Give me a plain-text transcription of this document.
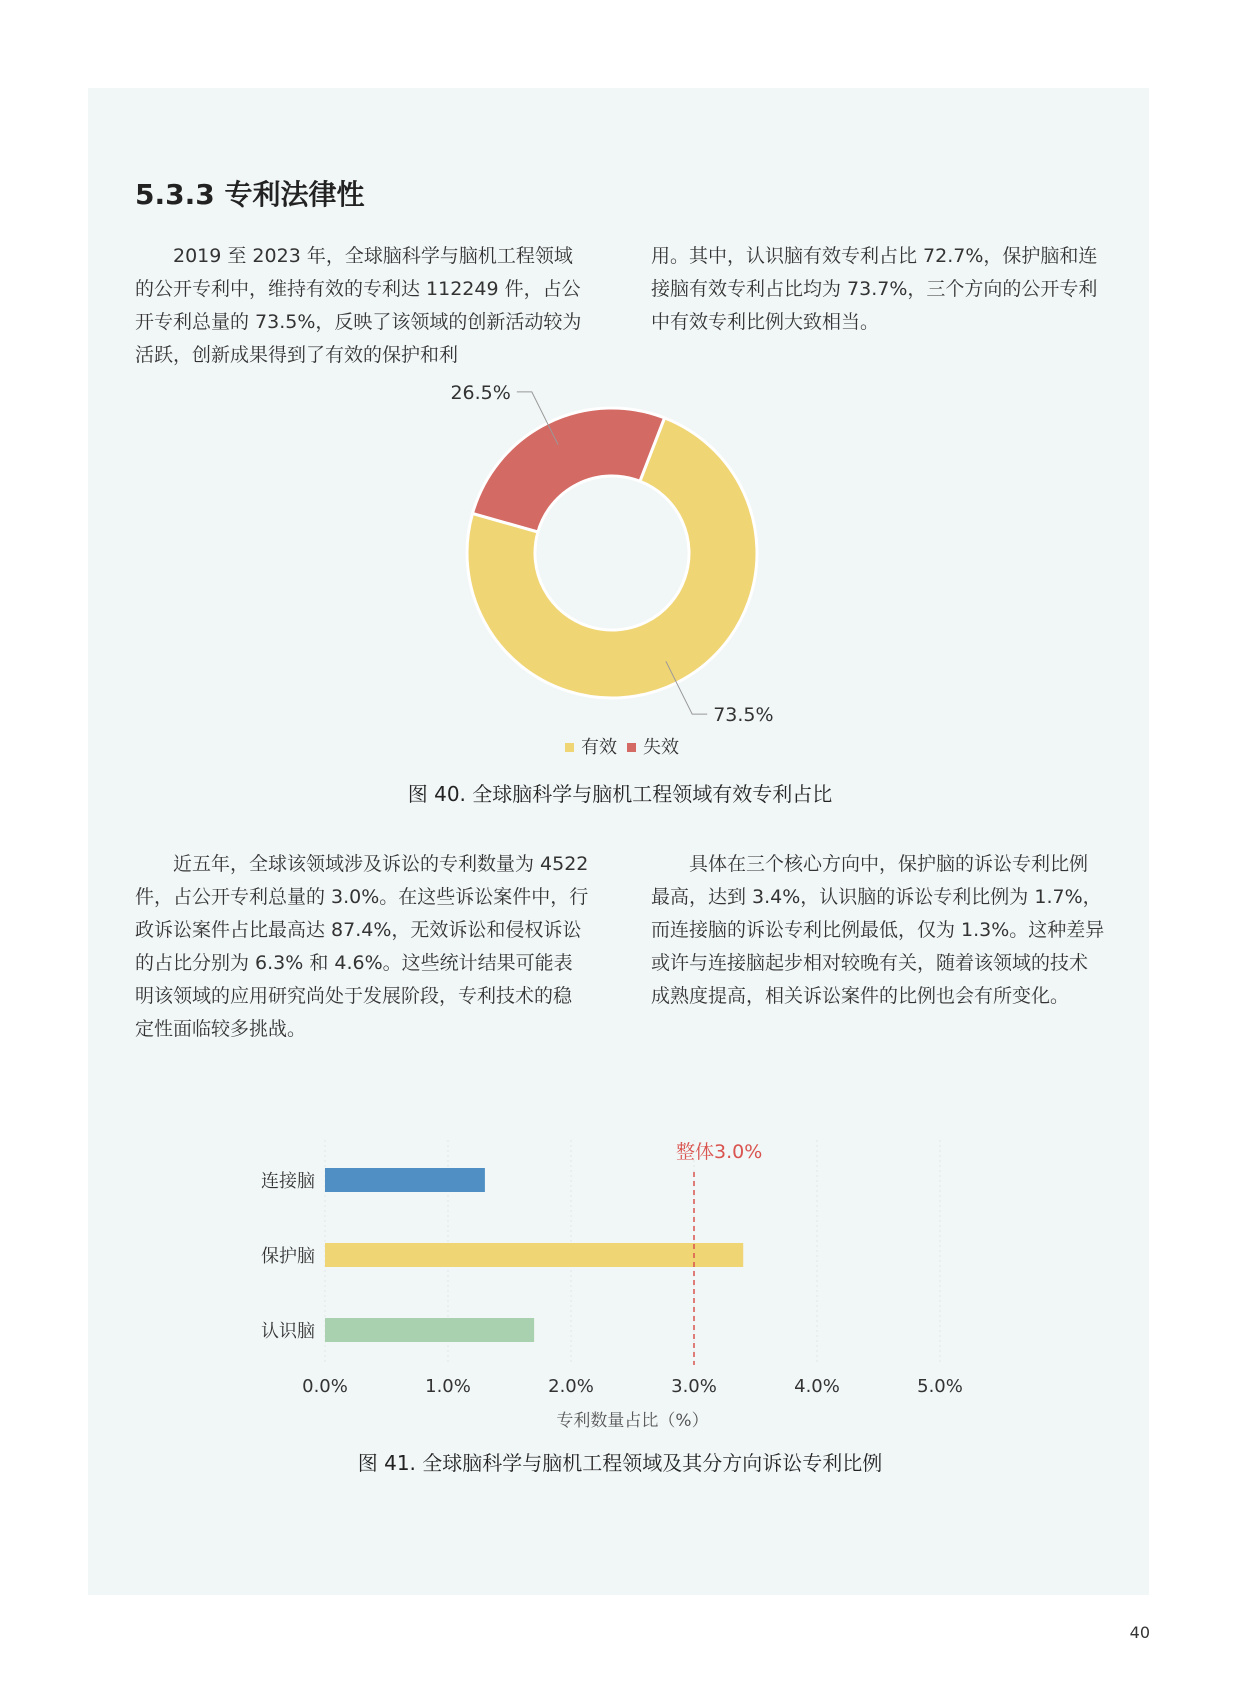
5.3.3 专利法律性

2019 至 2023 年，全球脑科学与脑机工程领域的公开专利中，维持有效的专利达 112249 件，占公开专利总量的 73.5%，反映了该领域的创新活动较为活跃，创新成果得到了有效的保护和利

用。其中，认识脑有效专利占比 72.7%，保护脑和连接脑有效专利占比均为 73.7%，三个方向的公开专利中有效专利比例大致相当。

73.5%
26.5%
有效 失效
图 40. 全球脑科学与脑机工程领域有效专利占比

近五年，全球该领域涉及诉讼的专利数量为 4522 件，占公开专利总量的 3.0%。在这些诉讼案件中，行政诉讼案件占比最高达 87.4%，无效诉讼和侵权诉讼的占比分别为 6.3% 和 4.6%。这些统计结果可能表明该领域的应用研究尚处于发展阶段，专利技术的稳定性面临较多挑战。

具体在三个核心方向中，保护脑的诉讼专利比例最高，达到 3.4%，认识脑的诉讼专利比例为 1.7%，而连接脑的诉讼专利比例最低，仅为 1.3%。这种差异或许与连接脑起步相对较晚有关，随着该领域的技术成熟度提高，相关诉讼案件的比例也会有所变化。

连接脑
保护脑
认识脑
整体3.0%
0.0%	1.0%	2.0%	3.0%	4.0%	5.0%
专利数量占比（%）
图 41. 全球脑科学与脑机工程领域及其分方向诉讼专利比例
40
